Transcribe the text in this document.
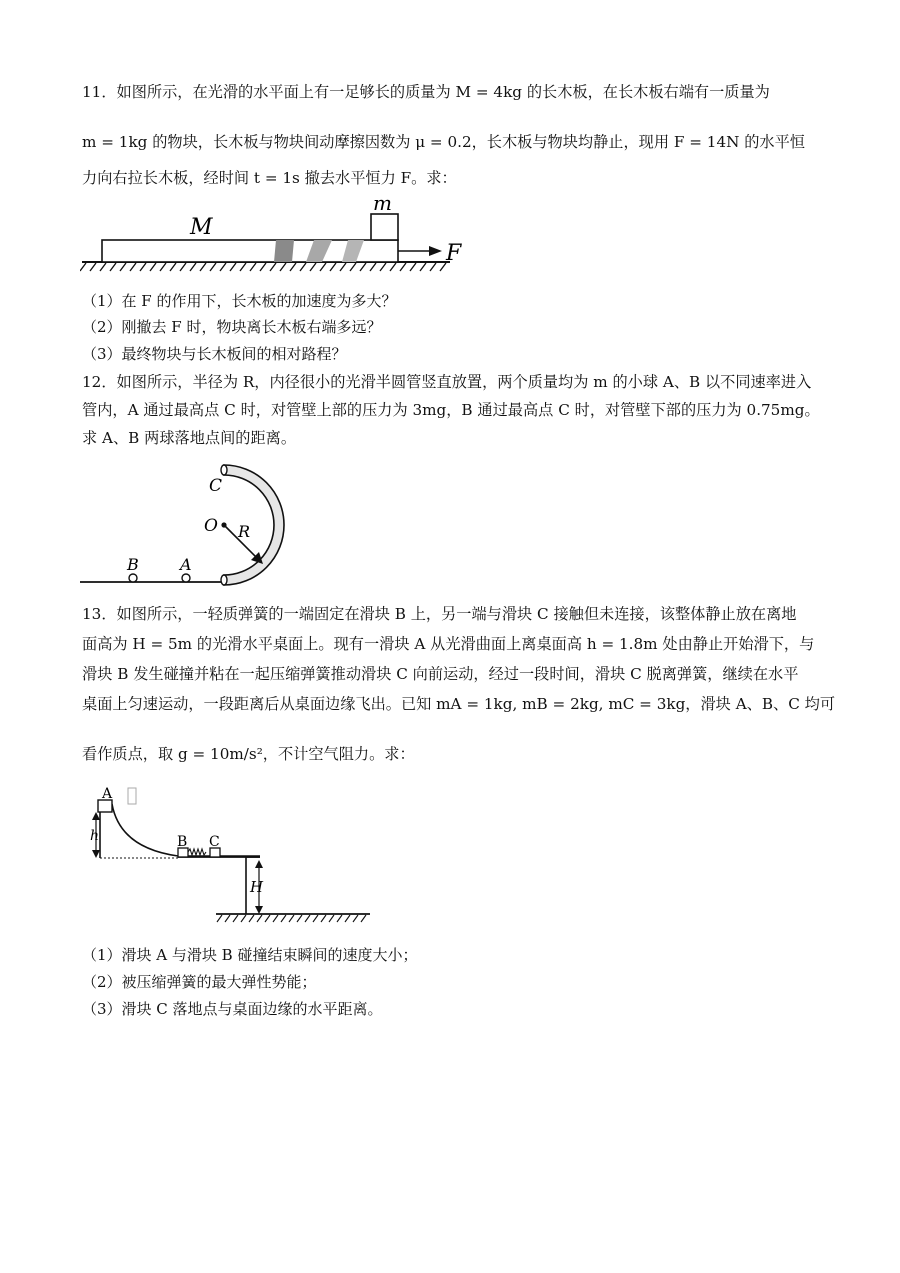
11．如图所示，在光滑的水平面上有一足够长的质量为 M = 4kg 的长木板，在长木板右端有一质量为
m = 1kg 的物块，长木板与物块间动摩擦因数为 μ = 0.2，长木板与物块均静止，现用 F = 14N 的水平恒
力向右拉长木板，经时间 t = 1s 撤去水平恒力 F。求：
M
m
F
（1）在 F 的作用下，长木板的加速度为多大？
（2）刚撤去 F 时，物块离长木板右端多远？
（3）最终物块与长木板间的相对路程？
12．如图所示，半径为 R，内径很小的光滑半圆管竖直放置，两个质量均为 m 的小球 A、B 以不同速率进入
管内，A 通过最高点 C 时，对管壁上部的压力为 3mg，B 通过最高点 C 时，对管壁下部的压力为 0.75mg。
求 A、B 两球落地点间的距离。
C
O R
A
B
13．如图所示，一轻质弹簧的一端固定在滑块 B 上，另一端与滑块 C 接触但未连接，该整体静止放在离地
面高为 H = 5m 的光滑水平桌面上。现有一滑块 A 从光滑曲面上离桌面高 h = 1.8m 处由静止开始滑下，与
滑块 B 发生碰撞并粘在一起压缩弹簧推动滑块 C 向前运动，经过一段时间，滑块 C 脱离弹簧，继续在水平
桌面上匀速运动，一段距离后从桌面边缘飞出。已知 mA = 1kg, mB = 2kg, mC = 3kg，滑块 A、B、C 均可
看作质点，取 g = 10m/s²，不计空气阻力。求：
h
A
B C
H
（1）滑块 A 与滑块 B 碰撞结束瞬间的速度大小；
（2）被压缩弹簧的最大弹性势能；
（3）滑块 C 落地点与桌面边缘的水平距离。
